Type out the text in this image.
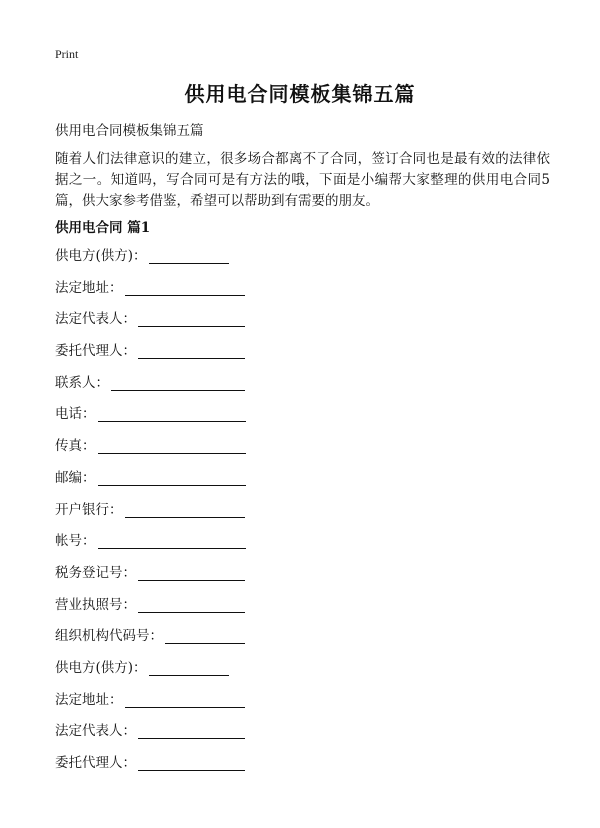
Print
供用电合同模板集锦五篇
供用电合同模板集锦五篇
随着人们法律意识的建立，很多场合都离不了合同，签订合同也是最有效的法律依据之一。知道吗，写合同可是有方法的哦，下面是小编帮大家整理的供用电合同5篇，供大家参考借鉴，希望可以帮助到有需要的朋友。
供用电合同 篇1
供电方(供方)：
法定地址：
法定代表人：
委托代理人：
联系人：
电话：
传真：
邮编：
开户银行：
帐号：
税务登记号：
营业执照号：
组织机构代码号：
供电方(供方)：
法定地址：
法定代表人：
委托代理人：
